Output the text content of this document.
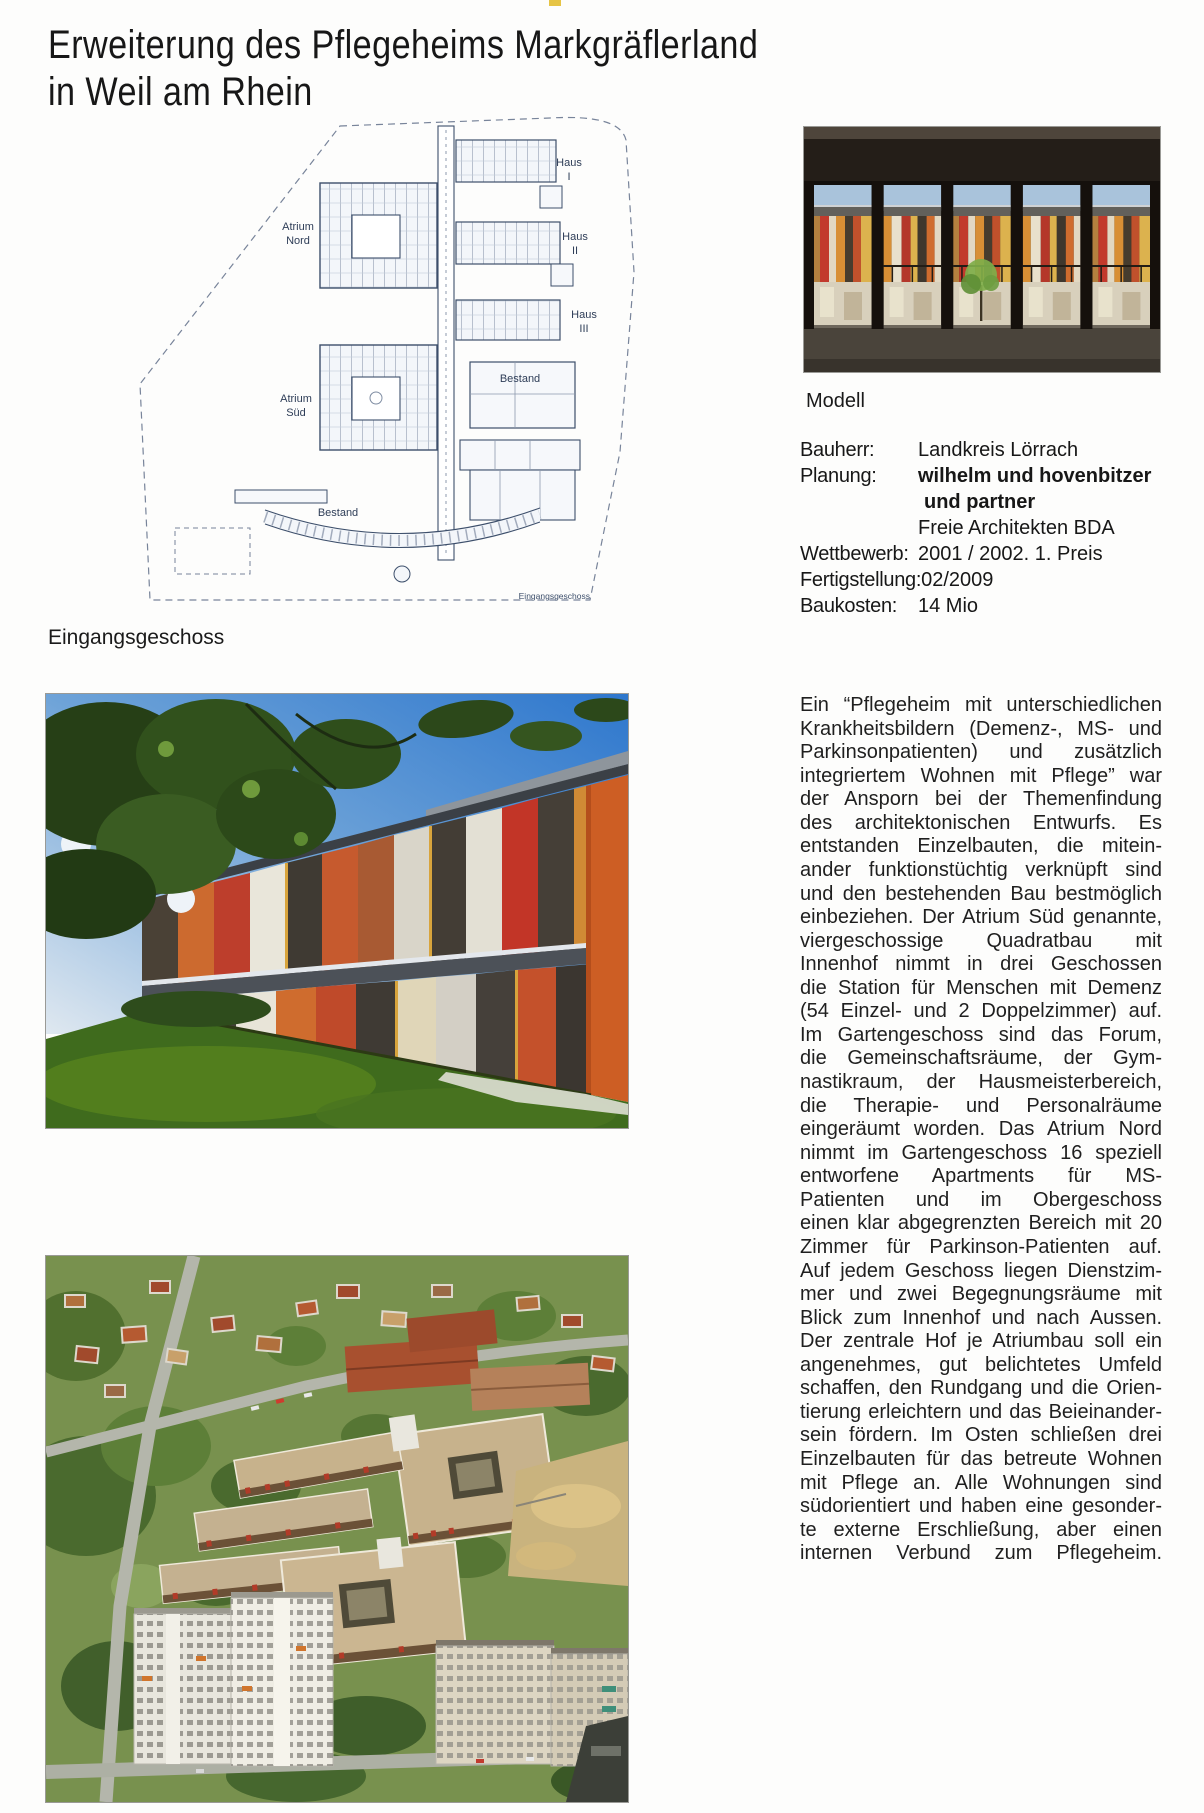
Erweiterung des Pflegeheims Markgräflerland
in Weil am Rhein
Atrium
Nord
Haus
I
Haus
II
Haus
III
Bestand
Atrium
Süd
Bestand
Eingangsgeschoss
Eingangsgeschoss
Modell
Bauherr:	Landkreis Lörrach
Planung:	wilhelm und hovenbitzer
und partner
Freie Architekten BDA
Wettbewerb: 2001 / 2002. 1. Preis
Fertigstellung: 02/2009
Baukosten:	14 Mio
Ein “Pflegeheim mit unterschiedlichen
Krankheitsbildern (Demenz-, MS- und
Parkinsonpatienten) und zusätzlich
integriertem Wohnen mit Pflege” war
der Ansporn bei der Themenfindung
des architektonischen Entwurfs. Es
entstanden Einzelbauten, die mitein-
ander funktionstüchtig verknüpft sind
und den bestehenden Bau bestmöglich
einbeziehen. Der Atrium Süd genannte,
viergeschossige Quadratbau mit
Innenhof nimmt in drei Geschossen
die Station für Menschen mit Demenz
(54 Einzel- und 2 Doppelzimmer) auf.
Im Gartengeschoss sind das Forum,
die Gemeinschaftsräume, der Gym-
nastikraum, der Hausmeisterbereich,
die Therapie- und Personalräume
eingeräumt worden. Das Atrium Nord
nimmt im Gartengeschoss 16 speziell
entworfene Apartments für MS-
Patienten und im Obergeschoss
einen klar abgegrenzten Bereich mit 20
Zimmer für Parkinson-Patienten auf.
Auf jedem Geschoss liegen Dienstzim-
mer und zwei Begegnungsräume mit
Blick zum Innenhof und nach Aussen.
Der zentrale Hof je Atriumbau soll ein
angenehmes, gut belichtetes Umfeld
schaffen, den Rundgang und die Orien-
tierung erleichtern und das Beieinander-
sein fördern. Im Osten schließen drei
Einzelbauten für das betreute Wohnen
mit Pflege an. Alle Wohnungen sind
südorientiert und haben eine gesonder-
te externe Erschließung, aber einen
internen Verbund zum Pflegeheim.
